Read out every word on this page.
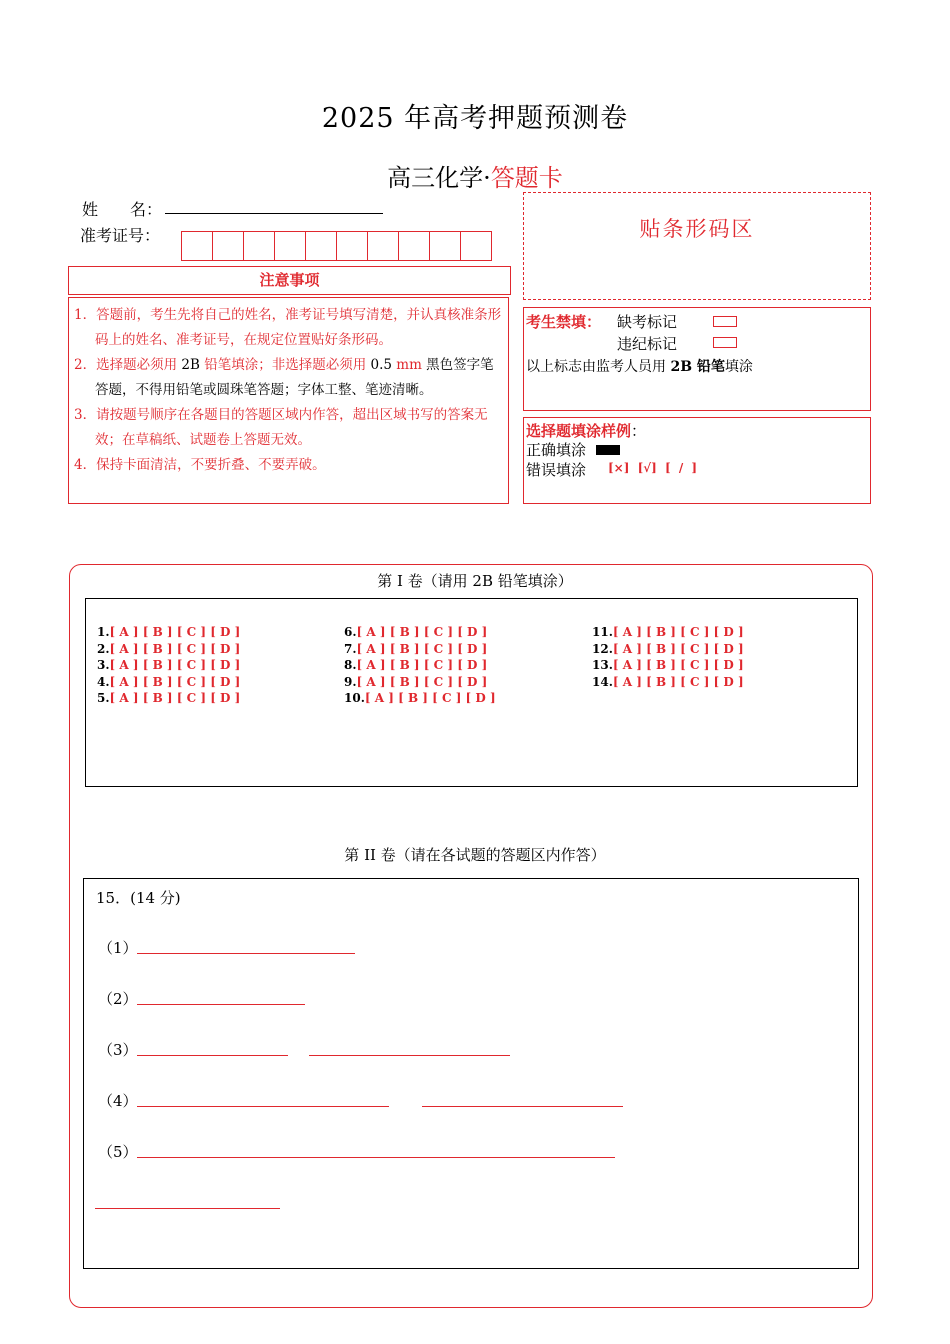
2025 年高考押题预测卷
高三化学·答题卡
姓　　名：
准考证号：
注意事项

1．答题前，考生先将自己的姓名，准考证号填写清楚，并认真核准条形码上的姓名、准考证号，在规定位置贴好条形码。

2．选择题必须用 2B 铅笔填涂；非选择题必须用 0.5 mm 黑色签字笔答题，不得用铅笔或圆珠笔答题；字体工整、笔迹清晰。

3．请按题号顺序在各题目的答题区域内作答，超出区域书写的答案无效；在草稿纸、试题卷上答题无效。

4．保持卡面清洁，不要折叠、不要弄破。

贴条形码区
考生禁填： 缺考标记
违纪标记
以上标志由监考人员用 2B 铅笔填涂
选择题填涂样例：
正确填涂
错误填涂 [×] [√] [ / ]
第 I 卷（请用 2B 铅笔填涂）
1.[ A ] [ B ] [ C ] [ D ]
2.[ A ] [ B ] [ C ] [ D ]
3.[ A ] [ B ] [ C ] [ D ]
4.[ A ] [ B ] [ C ] [ D ]
5.[ A ] [ B ] [ C ] [ D ]
6.[ A ] [ B ] [ C ] [ D ]
7.[ A ] [ B ] [ C ] [ D ]
8.[ A ] [ B ] [ C ] [ D ]
9.[ A ] [ B ] [ C ] [ D ]
10.[ A ] [ B ] [ C ] [ D ]
11.[ A ] [ B ] [ C ] [ D ]
12.[ A ] [ B ] [ C ] [ D ]
13.[ A ] [ B ] [ C ] [ D ]
14.[ A ] [ B ] [ C ] [ D ]
第 II 卷（请在各试题的答题区内作答）
15．(14 分)
（1）
（2）
（3）
（4）
（5）
